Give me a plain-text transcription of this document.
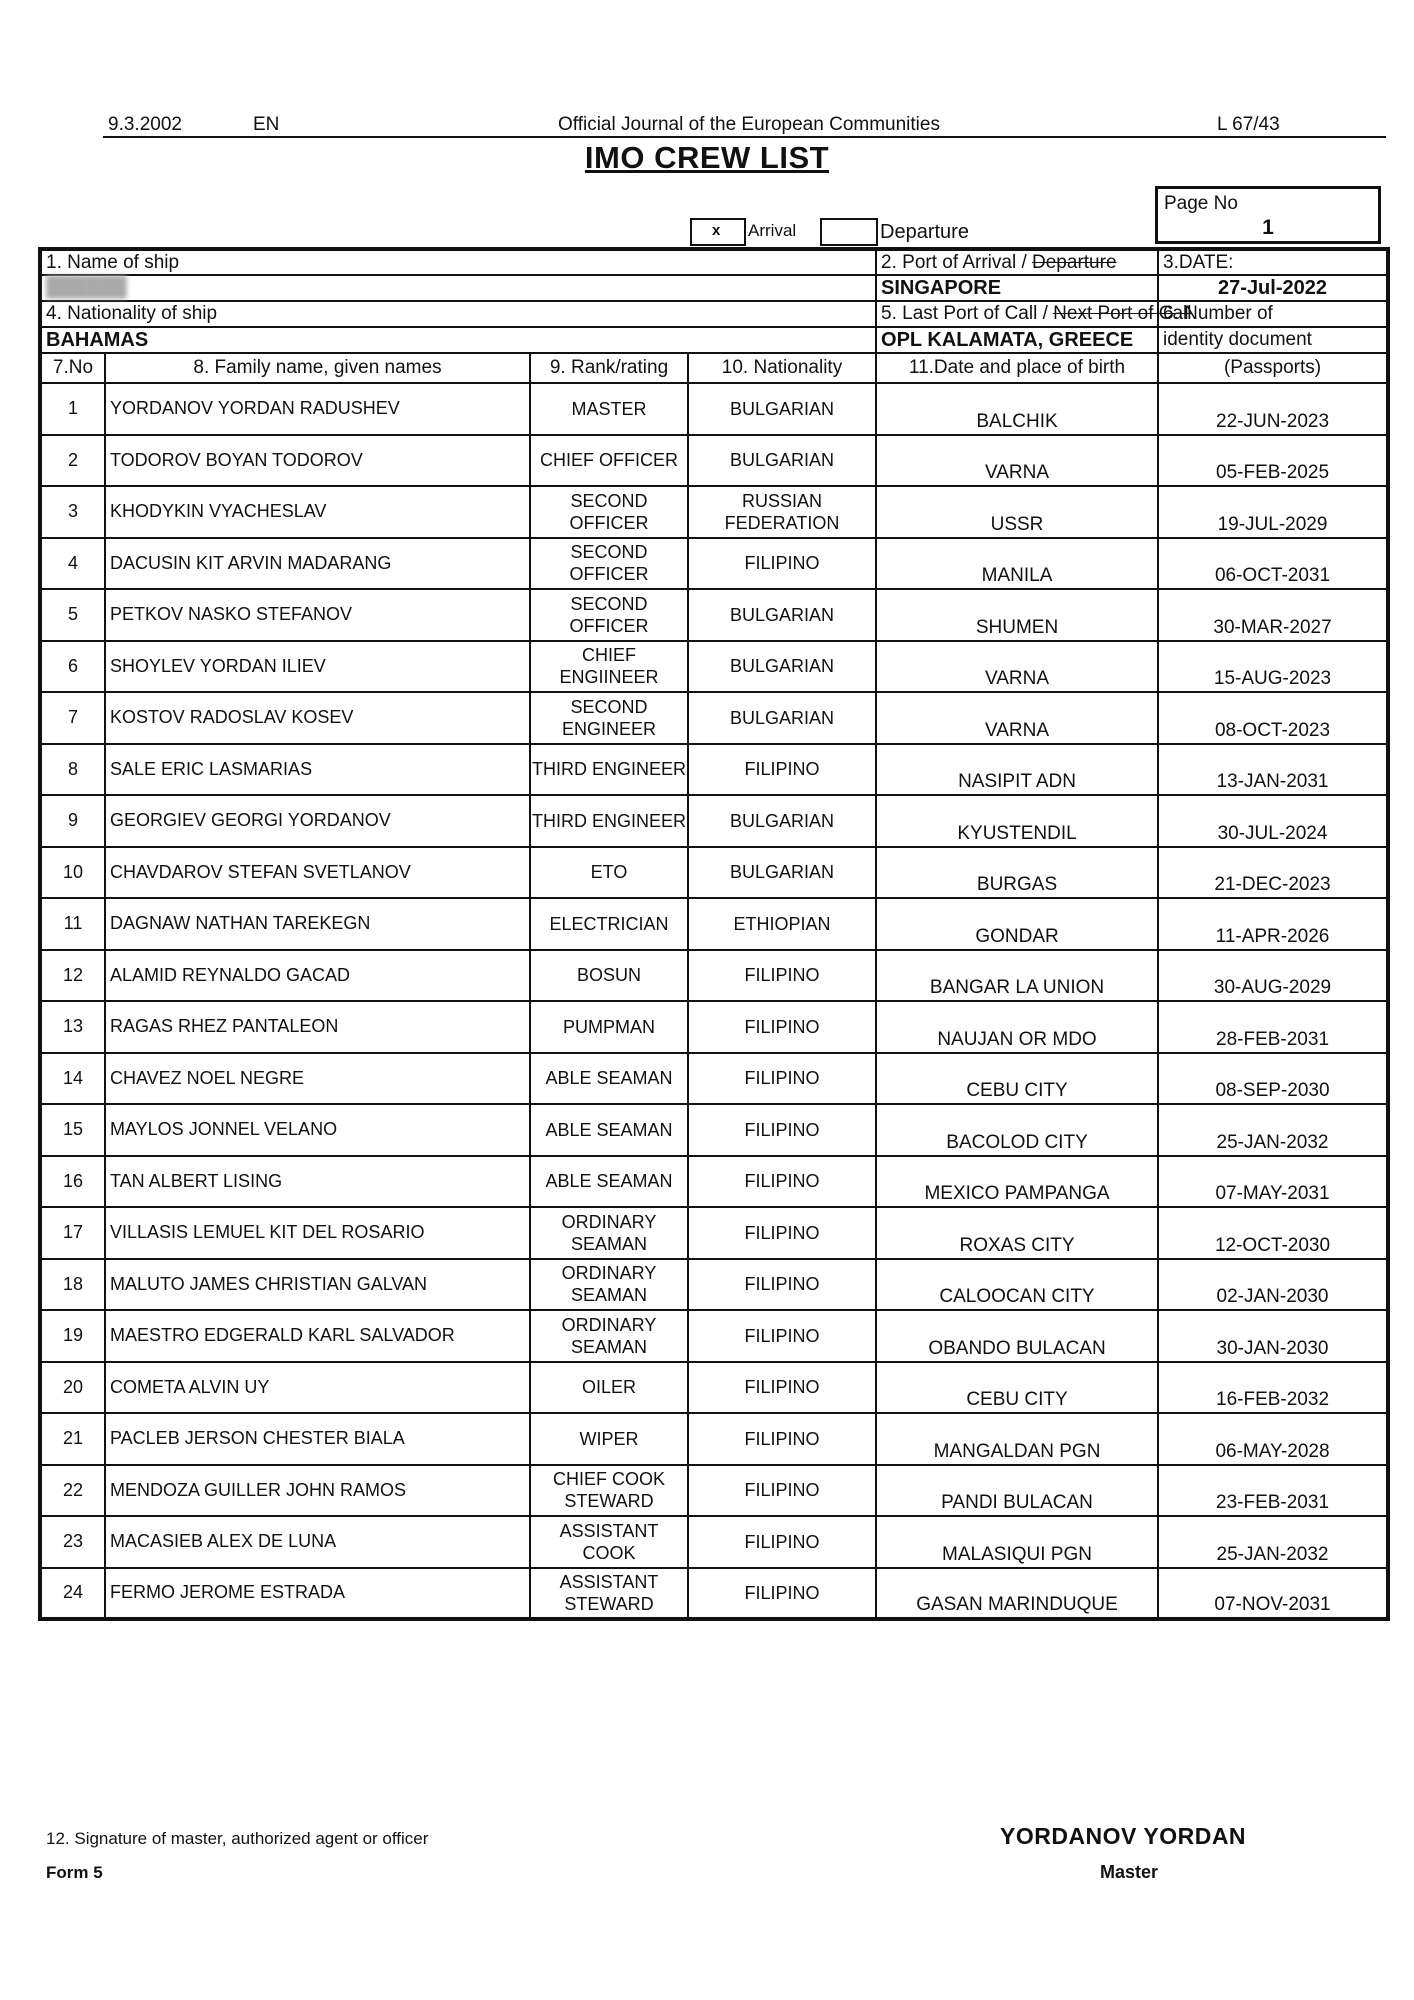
9.3.2002	EN	Official Journal of the European Communities	L 67/43
IMO CREW LIST
x Arrival	Departure
Page No
1
1. Name of ship				2. Port of Arrival / Departure	3.DATE:
██████				SINGAPORE	27-Jul-2022
4. Nationality of ship				5. Last Port of Call / Next Port of Call	6. Number of
BAHAMAS				OPL KALAMATA, GREECE	identity document
7.No	8. Family name, given names	9. Rank/rating	10. Nationality	11.Date and place of birth	(Passports)
1	YORDANOV YORDAN RADUSHEV	MASTER	BULGARIAN	BALCHIK	22-JUN-2023
2	TODOROV BOYAN TODOROV	CHIEF OFFICER	BULGARIAN	VARNA	05-FEB-2025
3	KHODYKIN VYACHESLAV	SECOND OFFICER	RUSSIAN FEDERATION	USSR	19-JUL-2029
4	DACUSIN KIT ARVIN MADARANG	SECOND OFFICER	FILIPINO	MANILA	06-OCT-2031
5	PETKOV NASKO STEFANOV	SECOND OFFICER	BULGARIAN	SHUMEN	30-MAR-2027
6	SHOYLEV YORDAN ILIEV	CHIEF ENGIINEER	BULGARIAN	VARNA	15-AUG-2023
7	KOSTOV RADOSLAV KOSEV	SECOND ENGINEER	BULGARIAN	VARNA	08-OCT-2023
8	SALE ERIC LASMARIAS	THIRD ENGINEER	FILIPINO	NASIPIT ADN	13-JAN-2031
9	GEORGIEV GEORGI YORDANOV	THIRD ENGINEER	BULGARIAN	KYUSTENDIL	30-JUL-2024
10	CHAVDAROV STEFAN SVETLANOV	ETO	BULGARIAN	BURGAS	21-DEC-2023
11	DAGNAW NATHAN TAREKEGN	ELECTRICIAN	ETHIOPIAN	GONDAR	11-APR-2026
12	ALAMID REYNALDO GACAD	BOSUN	FILIPINO	BANGAR LA UNION	30-AUG-2029
13	RAGAS RHEZ PANTALEON	PUMPMAN	FILIPINO	NAUJAN OR MDO	28-FEB-2031
14	CHAVEZ NOEL NEGRE	ABLE SEAMAN	FILIPINO	CEBU CITY	08-SEP-2030
15	MAYLOS JONNEL VELANO	ABLE SEAMAN	FILIPINO	BACOLOD CITY	25-JAN-2032
16	TAN ALBERT LISING	ABLE SEAMAN	FILIPINO	MEXICO PAMPANGA	07-MAY-2031
17	VILLASIS LEMUEL KIT DEL ROSARIO	ORDINARY SEAMAN	FILIPINO	ROXAS CITY	12-OCT-2030
18	MALUTO JAMES CHRISTIAN GALVAN	ORDINARY SEAMAN	FILIPINO	CALOOCAN CITY	02-JAN-2030
19	MAESTRO EDGERALD KARL SALVADOR	ORDINARY SEAMAN	FILIPINO	OBANDO BULACAN	30-JAN-2030
20	COMETA ALVIN UY	OILER	FILIPINO	CEBU CITY	16-FEB-2032
21	PACLEB JERSON CHESTER BIALA	WIPER	FILIPINO	MANGALDAN PGN	06-MAY-2028
22	MENDOZA GUILLER JOHN RAMOS	CHIEF COOK STEWARD	FILIPINO	PANDI BULACAN	23-FEB-2031
23	MACASIEB ALEX DE LUNA	ASSISTANT COOK	FILIPINO	MALASIQUI PGN	25-JAN-2032
24	FERMO JEROME ESTRADA	ASSISTANT STEWARD	FILIPINO	GASAN MARINDUQUE	07-NOV-2031
12. Signature of master, authorized agent or officer
Form 5
YORDANOV YORDAN
Master
